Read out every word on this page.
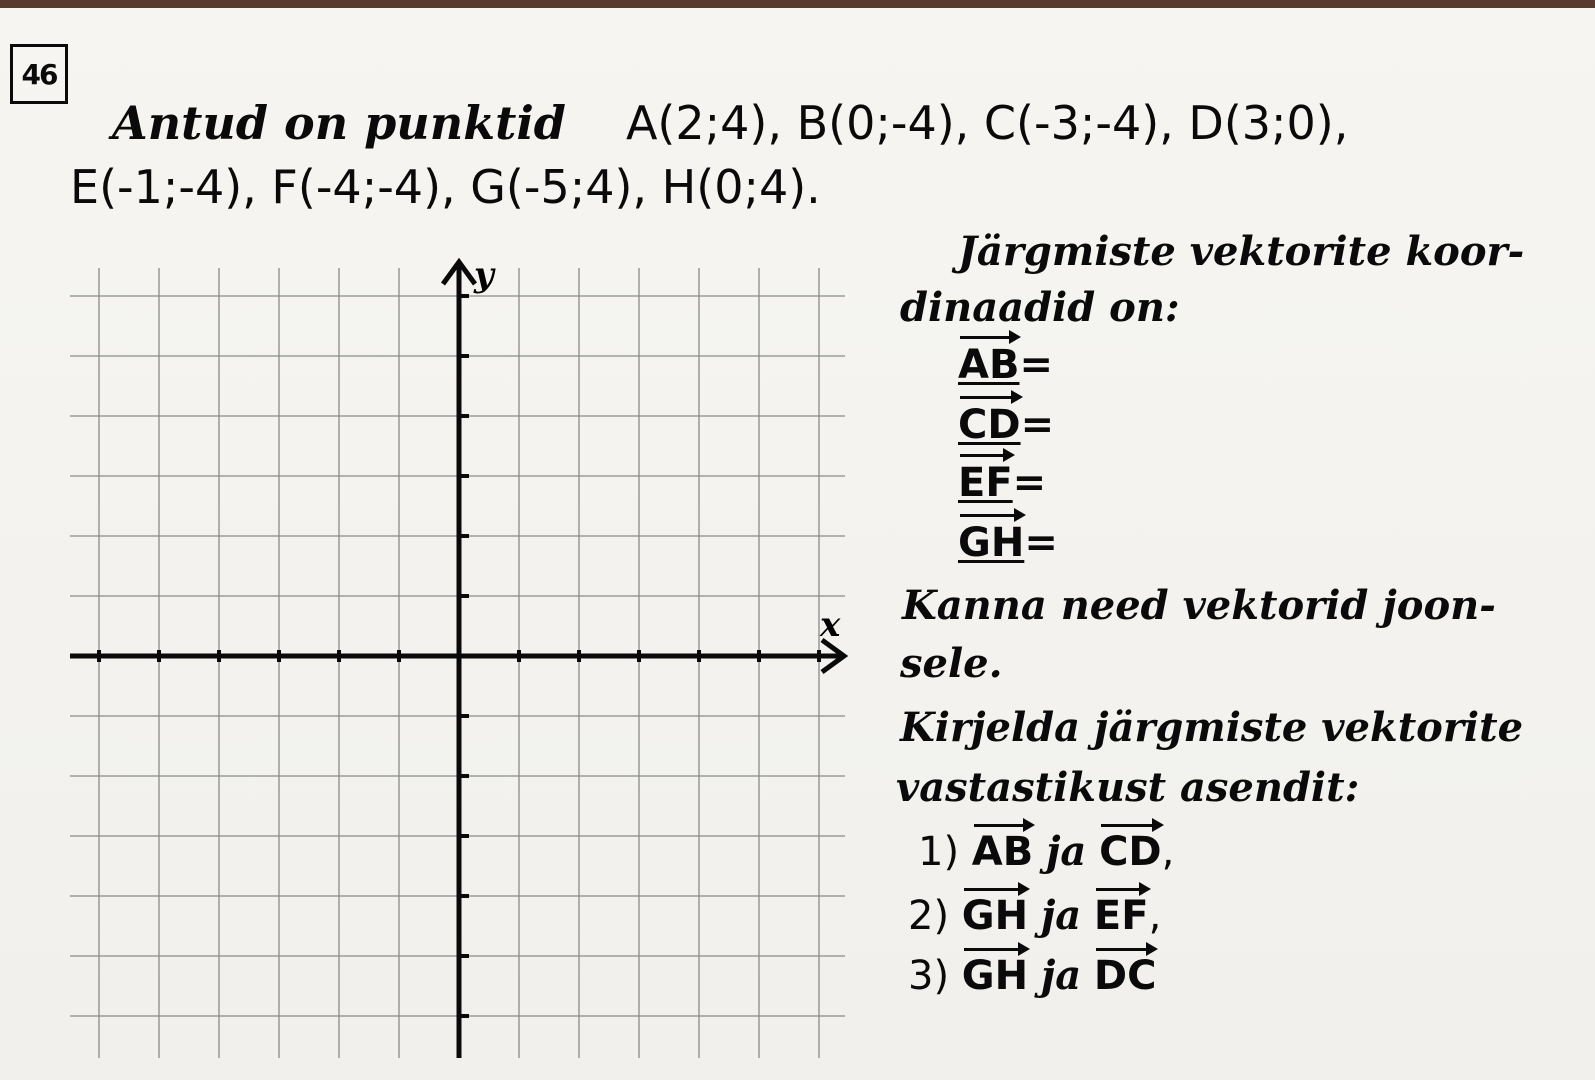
46
Antud on punktid A(2;4), B(0;-4), C(-3;-4), D(3;0),
E(-1;-4), F(-4;-4), G(-5;4), H(0;4).
y
x
Järgmiste vektorite koor-
dinaadid on:
AB=
CD=
EF=
GH=
Kanna need vektorid joon-
sele.
Kirjelda järgmiste vektorite
vastastikust asendit:
1) AB ja CD,
2) GH ja EF,
3) GH ja DC
